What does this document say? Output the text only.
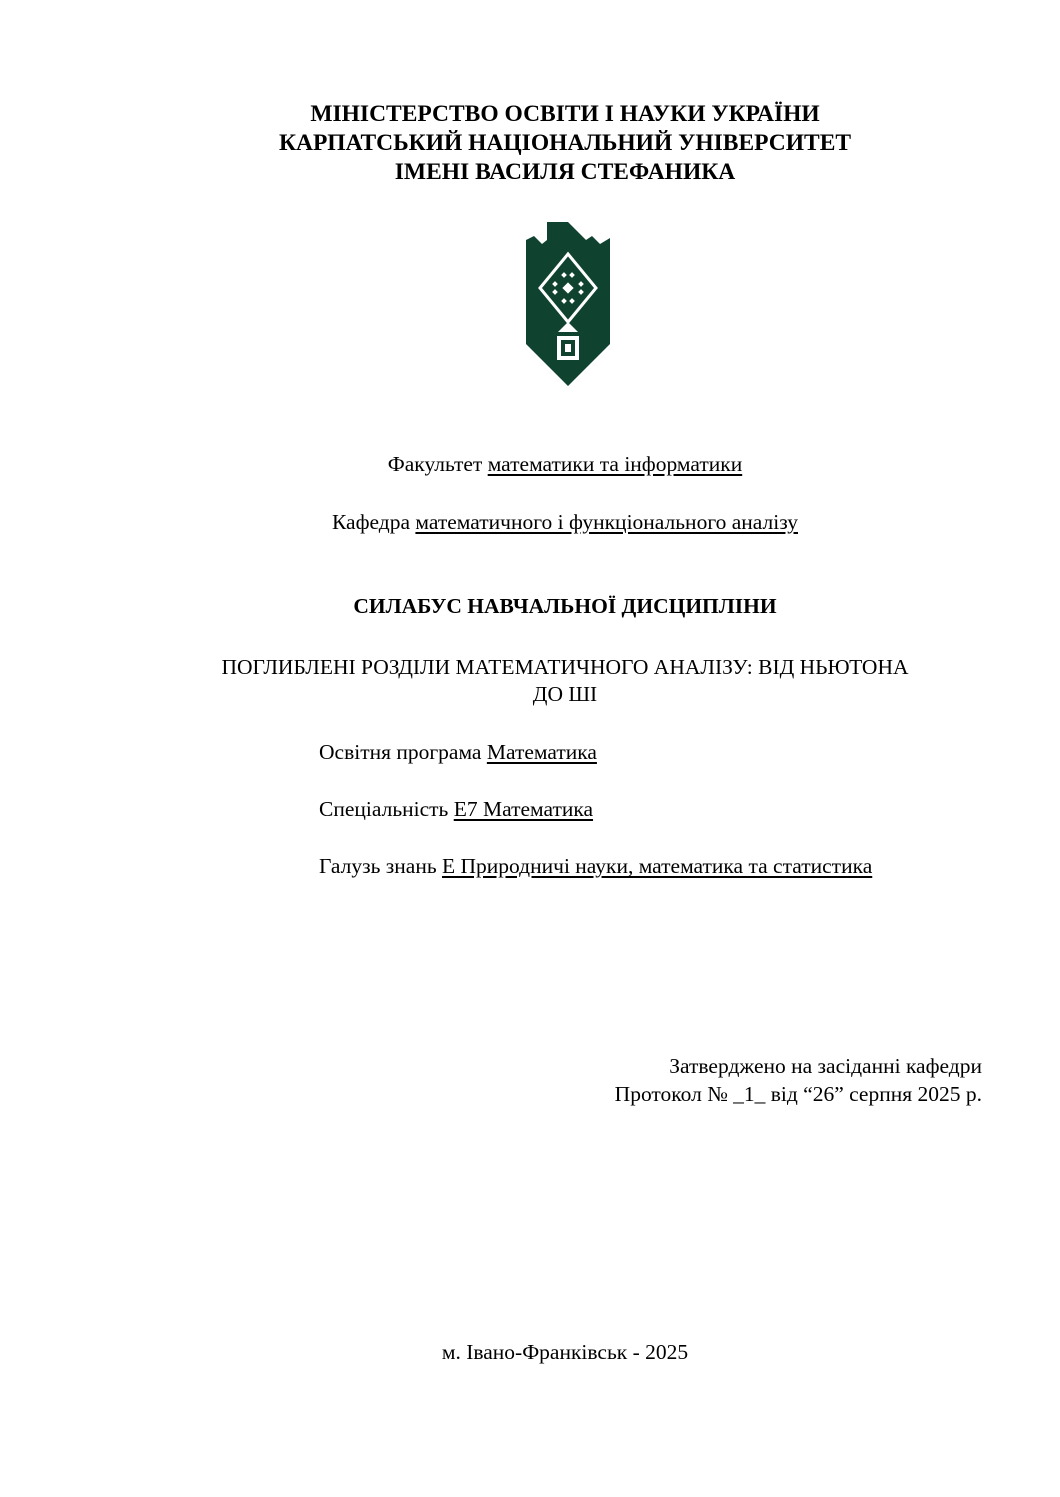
МІНІСТЕРСТВО ОСВІТИ І НАУКИ УКРАЇНИ
КАРПАТСЬКИЙ НАЦІОНАЛЬНИЙ УНІВЕРСИТЕТ
ІМЕНІ ВАСИЛЯ СТЕФАНИКА
Факультет математики та інформатики
Кафедра математичного і функціонального аналізу
СИЛАБУС НАВЧАЛЬНОЇ ДИСЦИПЛІНИ
ПОГЛИБЛЕНІ РОЗДІЛИ МАТЕМАТИЧНОГО АНАЛІЗУ: ВІД НЬЮТОНА
ДО ШІ
Освітня програма Математика
Спеціальність Е7 Математика
Галузь знань Е Природничі науки, математика та статистика
Затверджено на засіданні кафедри
Протокол № _1_ від “26” серпня 2025 р.
м. Івано-Франківськ - 2025
